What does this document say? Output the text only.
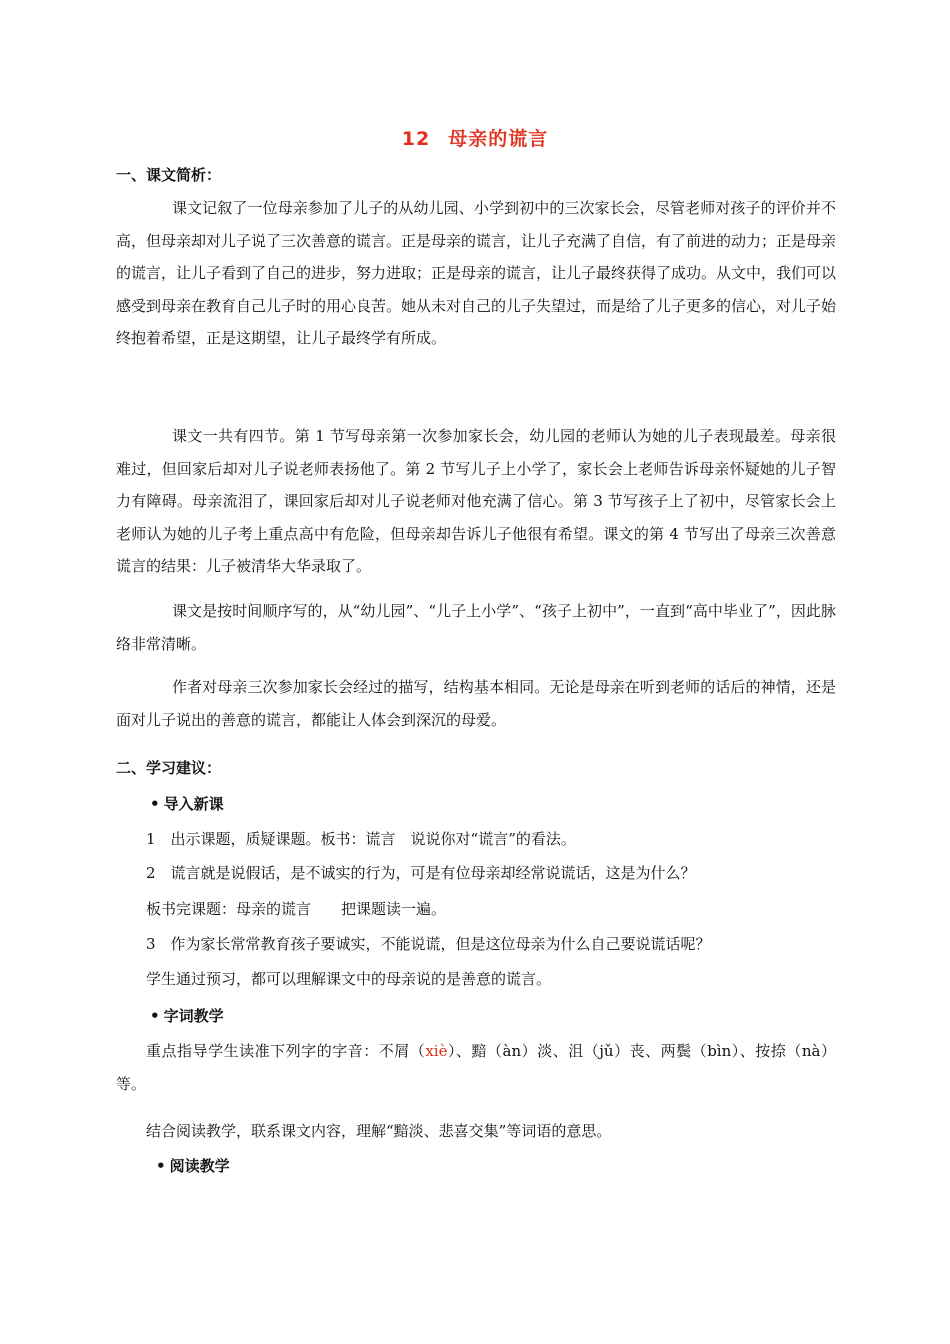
12 母亲的谎言
一、课文简析：

课文记叙了一位母亲参加了儿子的从幼儿园、小学到初中的三次家长会，尽管老师对孩子的评价并不高，但母亲却对儿子说了三次善意的谎言。正是母亲的谎言，让儿子充满了自信，有了前进的动力；正是母亲的谎言，让儿子看到了自己的进步，努力进取；正是母亲的谎言，让儿子最终获得了成功。从文中，我们可以感受到母亲在教育自己儿子时的用心良苦。她从未对自己的儿子失望过，而是给了儿子更多的信心，对儿子始终抱着希望，正是这期望，让儿子最终学有所成。

课文一共有四节。第 1 节写母亲第一次参加家长会，幼儿园的老师认为她的儿子表现最差。母亲很难过，但回家后却对儿子说老师表扬他了。第 2 节写儿子上小学了，家长会上老师告诉母亲怀疑她的儿子智力有障碍。母亲流泪了，课回家后却对儿子说老师对他充满了信心。第 3 节写孩子上了初中，尽管家长会上老师认为她的儿子考上重点高中有危险，但母亲却告诉儿子他很有希望。课文的第 4 节写出了母亲三次善意谎言的结果：儿子被清华大华录取了。

课文是按时间顺序写的，从“幼儿园”、“儿子上小学”、“孩子上初中”，一直到“高中毕业了”，因此脉络非常清晰。

作者对母亲三次参加家长会经过的描写，结构基本相同。无论是母亲在听到老师的话后的神情，还是面对儿子说出的善意的谎言，都能让人体会到深沉的母爱。

二、学习建议：
• 导入新课

1　出示课题，质疑课题。板书：谎言　说说你对“谎言”的看法。

2　谎言就是说假话，是不诚实的行为，可是有位母亲却经常说谎话，这是为什么？

板书完课题：母亲的谎言　　把课题读一遍。

3　作为家长常常教育孩子要诚实，不能说谎，但是这位母亲为什么自己要说谎话呢？

学生通过预习，都可以理解课文中的母亲说的是善意的谎言。

• 字词教学

重点指导学生读准下列字的字音：不屑（xiè）、黯（àn）淡、沮（jǔ）丧、两鬓（bìn）、按捺（nà）等。

结合阅读教学，联系课文内容，理解“黯淡、悲喜交集”等词语的意思。

• 阅读教学
